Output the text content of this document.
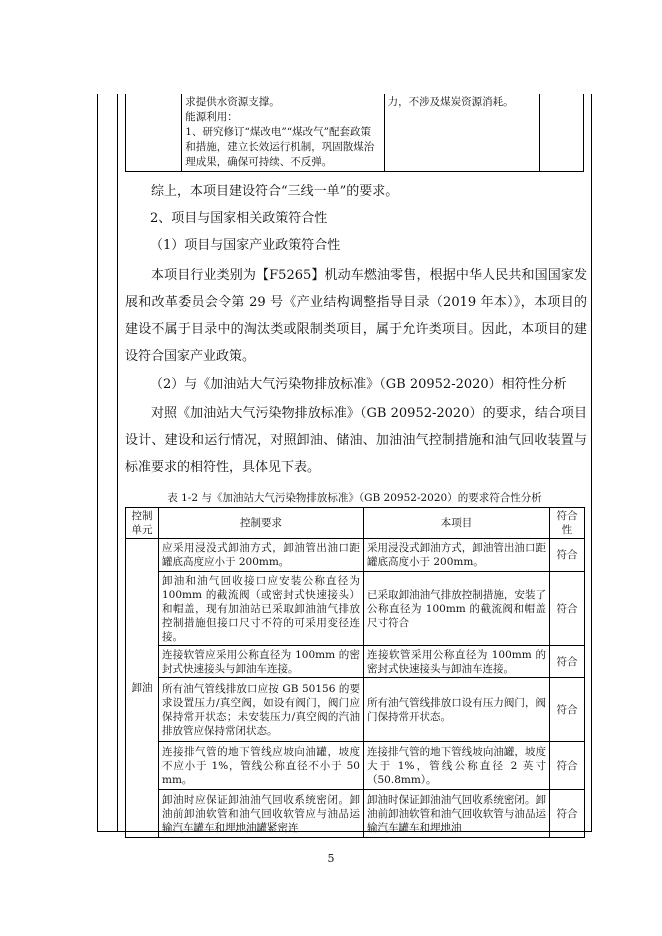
求提供水资源支撑。
能源利用：
1、研究修订“煤改电”“煤改气”配套政策和措施，建立长效运行机制，巩固散煤治理成果，确保可持续、不反弹。
	力，不涉及煤炭资源消耗。	

综上，本项目建设符合“三线一单”的要求。

2、项目与国家相关政策符合性

（1）项目与国家产业政策符合性

本项目行业类别为【F5265】机动车燃油零售，根据中华人民共和国国家发展和改革委员会令第 29 号《产业结构调整指导目录（2019 年本）》，本项目的建设不属于目录中的淘汰类或限制类项目，属于允许类项目。因此，本项目的建设符合国家产业政策。

（2）与《加油站大气污染物排放标准》（GB 20952-2020）相符性分析

对照《加油站大气污染物排放标准》（GB 20952-2020）的要求，结合项目设计、建设和运行情况，对照卸油、储油、加油油气控制措施和油气回收装置与标准要求的相符性，具体见下表。

表 1-2 与《加油站大气污染物排放标准》（GB 20952-2020）的要求符合性分析
控制单元	控制要求	本项目	符合性
卸油	应采用浸没式卸油方式，卸油管出油口距罐底高度应小于 200mm。	采用浸没式卸油方式，卸油管出油口距罐底高度小于 200mm。	符合
	卸油和油气回收接口应安装公称直径为 100mm 的截流阀（或密封式快速接头）和帽盖，现有加油站已采取卸油油气排放控制措施但接口尺寸不符的可采用变径连接。	已采取卸油油气排放控制措施，安装了公称直径为 100mm 的截流阀和帽盖尺寸符合	符合
	连接软管应采用公称直径为 100mm 的密封式快速接头与卸油车连接。	连接软管采用公称直径为 100mm 的密封式快速接头与卸油车连接。	符合
	所有油气管线排放口应按 GB 50156 的要求设置压力/真空阀，如设有阀门，阀门应保持常开状态；未安装压力/真空阀的汽油排放管应保持常闭状态。	所有油气管线排放口设有压力阀门，阀门保持常开状态。	符合
	连接排气管的地下管线应坡向油罐，坡度不应小于 1%，管线公称直径不小于 50 mm。	连接排气管的地下管线坡向油罐，坡度大于 1%，管线公称直径 2 英寸（50.8mm）。	符合
	卸油时应保证卸油油气回收系统密闭。卸油前卸油软管和油气回收软管应与油品运输汽车罐车和埋地油罐紧密连	卸油时保证卸油油气回收系统密闭。卸油前卸油软管和油气回收软管与油品运输汽车罐车和埋地油	符合
5
